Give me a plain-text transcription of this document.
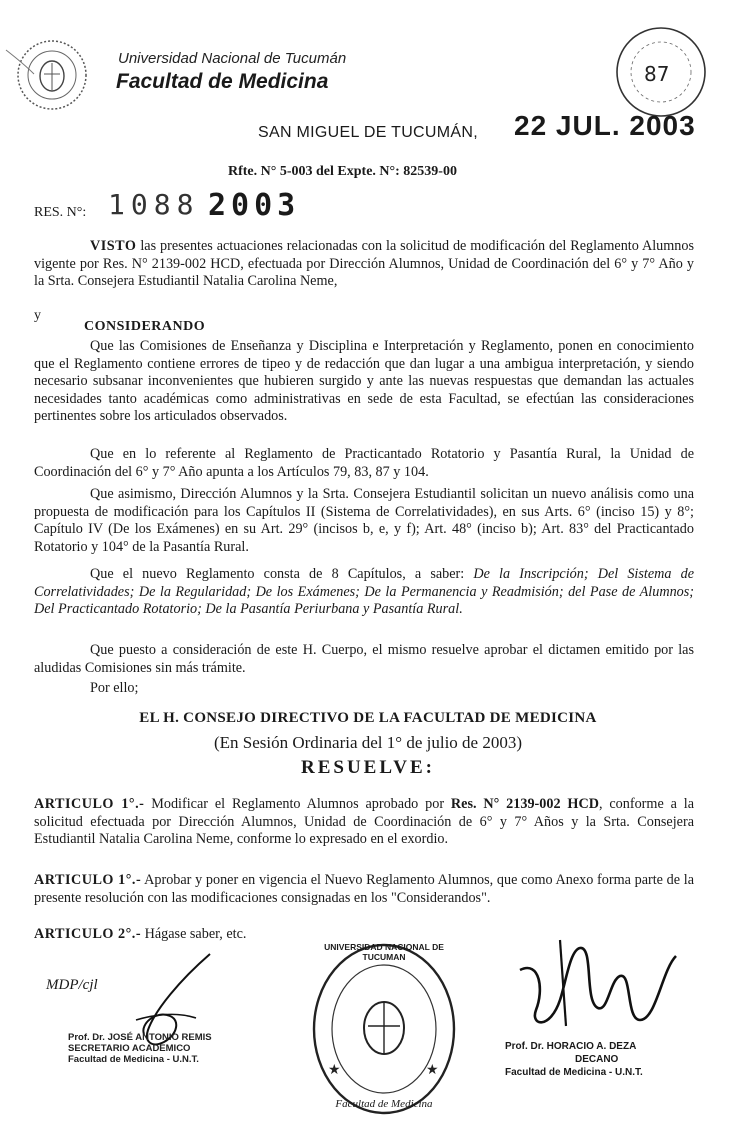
Universidad Nacional de Tucumán
Facultad de Medicina	87
SAN MIGUEL DE TUCUMÁN, 22 JUL. 2003
Rfte. N° 5-003 del Expte. N°: 82539-00
RES. N°: 1088 2003
VISTO las presentes actuaciones relacionadas con la solicitud de modificación del Reglamento Alumnos vigente por Res. N° 2139-002 HCD, efectuada por Dirección Alumnos, Unidad de Coordinación del 6° y 7° Año y la Srta. Consejera Estudiantil Natalia Carolina Neme,
y
CONSIDERANDO
Que las Comisiones de Enseñanza y Disciplina e Interpretación y Reglamento, ponen en conocimiento que el Reglamento contiene errores de tipeo y de redacción que dan lugar a una ambigua interpretación, y siendo necesario subsanar inconvenientes que hubieren surgido y ante las nuevas respuestas que demandan las actuales necesidades tanto académicas como administrativas en sede de esta Facultad, se efectúan las consideraciones pertinentes sobre los articulados observados.
Que en lo referente al Reglamento de Practicantado Rotatorio y Pasantía Rural, la Unidad de Coordinación del 6° y 7° Año apunta a los Artículos 79, 83, 87 y 104.
Que asimismo, Dirección Alumnos y la Srta. Consejera Estudiantil solicitan un nuevo análisis como una propuesta de modificación para los Capítulos II (Sistema de Correlatividades), en sus Arts. 6° (inciso 15) y 8°; Capítulo IV (De los Exámenes) en su Art. 29° (incisos b, e, y f); Art. 48° (inciso b); Art. 83° del Practicantado Rotatorio y 104° de la Pasantía Rural.
Que el nuevo Reglamento consta de 8 Capítulos, a saber: De la Inscripción; Del Sistema de Correlatividades; De la Regularidad; De los Exámenes; De la Permanencia y Readmisión; del Pase de Alumnos; Del Practicantado Rotatorio; De la Pasantía Periurbana y Pasantía Rural.
Que puesto a consideración de este H. Cuerpo, el mismo resuelve aprobar el dictamen emitido por las aludidas Comisiones sin más trámite.
Por ello;
EL H. CONSEJO DIRECTIVO DE LA FACULTAD DE MEDICINA
(En Sesión Ordinaria del 1° de julio de 2003)
RESUELVE:
ARTICULO 1°.- Modificar el Reglamento Alumnos aprobado por Res. N° 2139-002 HCD, conforme a la solicitud efectuada por Dirección Alumnos, Unidad de Coordinación de 6° y 7° Años y la Srta. Consejera Estudiantil Natalia Carolina Neme, conforme lo expresado en el exordio.
ARTICULO 1°.- Aprobar y poner en vigencia el Nuevo Reglamento Alumnos, que como Anexo forma parte de la presente resolución con las modificaciones consignadas en los "Considerandos".
ARTICULO 2°.- Hágase saber, etc.
MDP/cjl
Prof. Dr. JOSÉ ANTONIO REMIS
SECRETARIO ACADEMICO
Facultad de Medicina - U.N.T.
★	★
UNIVERSIDAD NACIONAL DE TUCUMAN
Facultad de Medicina
Prof. Dr. HORACIO A. DEZA
DECANO
Facultad de Medicina - U.N.T.
